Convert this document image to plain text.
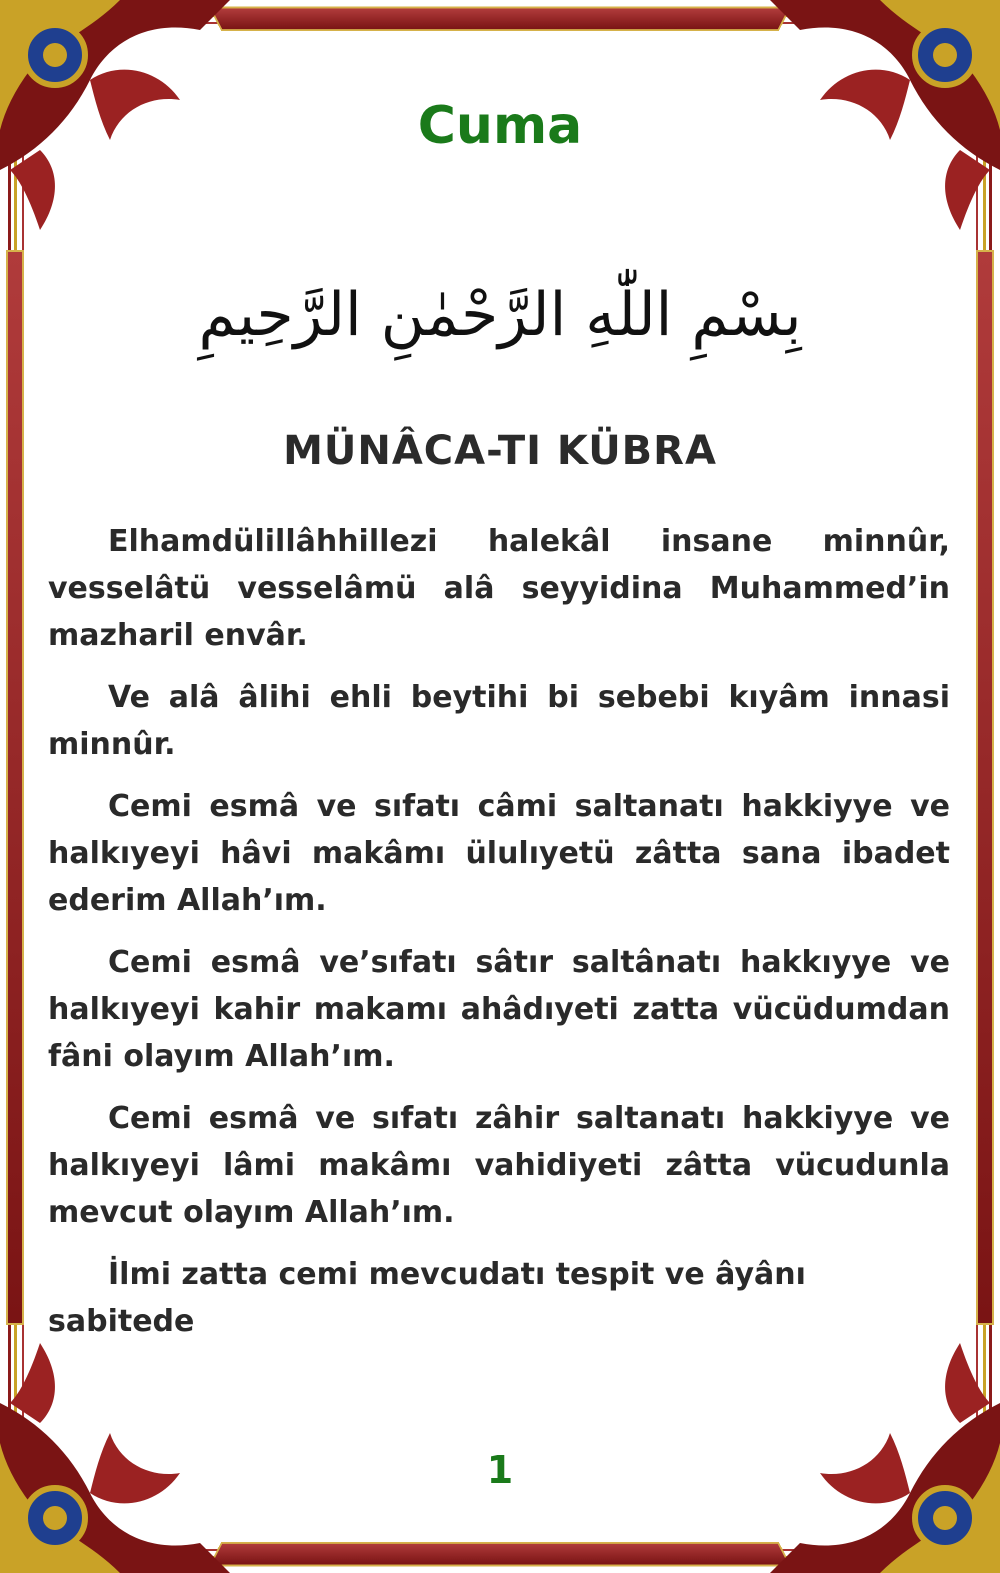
Cuma
بِسْمِ اللّٰهِ الرَّحْمٰنِ الرَّحِيمِ
MÜNÂCA-TI KÜBRA

Elhamdülillâhhillezi halekâl insane minnûr, vesselâtü vesselâmü alâ seyyidina Muhammed’in mazharil envâr.

Ve alâ âlihi ehli beytihi bi sebebi kıyâm innasi minnûr.

Cemi esmâ ve sıfatı câmi saltanatı hakkiyye ve halkıyeyi hâvi makâmı ülulıyetü zâtta sana ibadet ederim Allah’ım.

Cemi esmâ ve’sıfatı sâtır saltânatı hakkıyye ve halkıyeyi kahir makamı ahâdıyeti zatta vücüdumdan fâni olayım Allah’ım.

Cemi esmâ ve sıfatı zâhir saltanatı hakkiyye ve halkıyeyi lâmi makâmı vahidiyeti zâtta vücudunla mevcut olayım Allah’ım.

İlmi zatta cemi mevcudatı tespit ve âyânı sabitede

1
